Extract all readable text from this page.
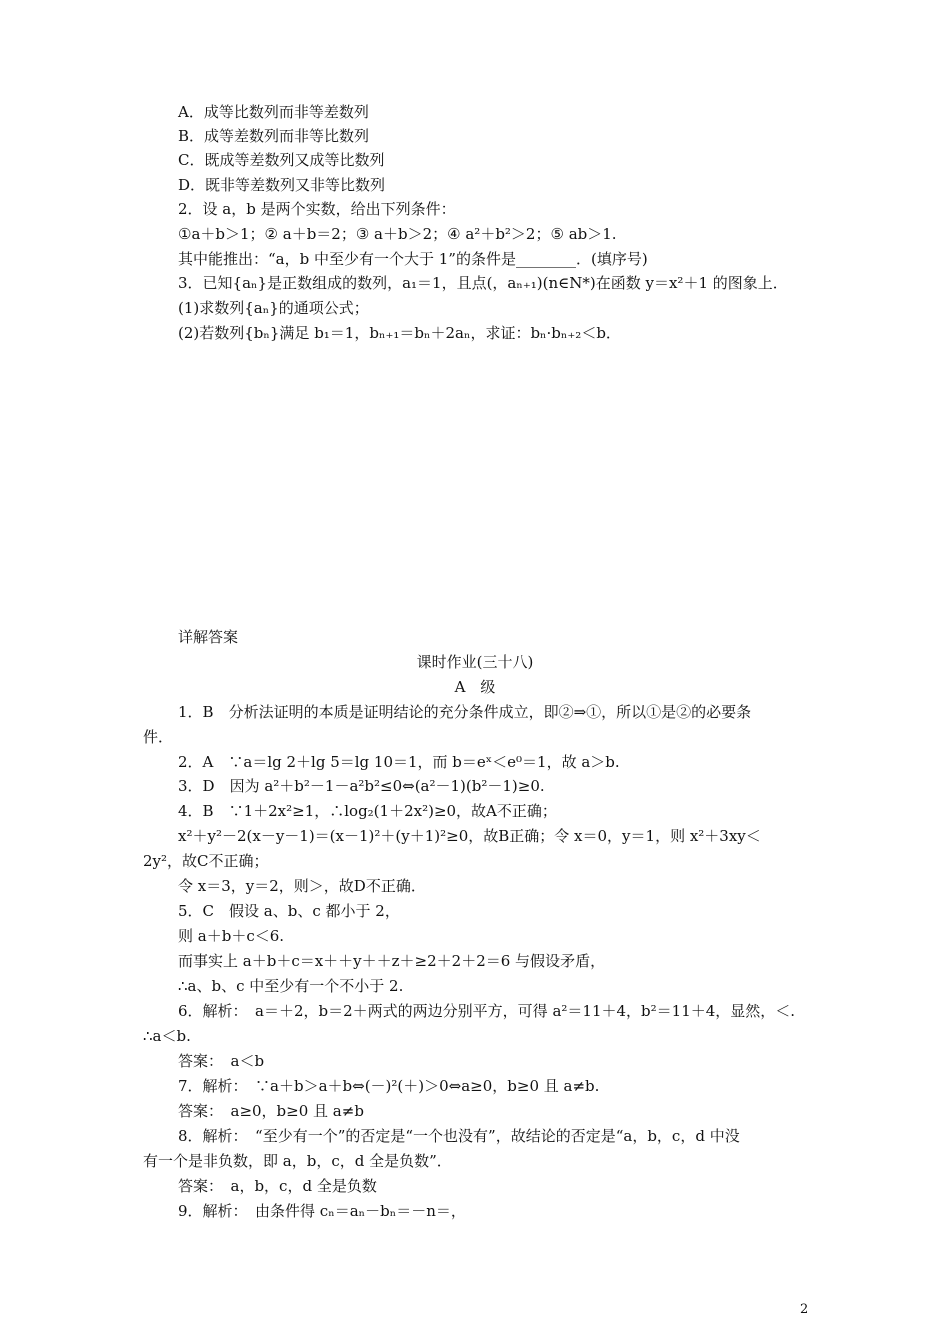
A．成等比数列而非等差数列
B．成等差数列而非等比数列
C．既成等差数列又成等比数列
D．既非等差数列又非等比数列
2．设 a，b 是两个实数，给出下列条件：
①a＋b＞1；② a＋b＝2；③ a＋b＞2；④ a²＋b²＞2；⑤ ab＞1.
其中能推出：“a，b 中至少有一个大于 1”的条件是________．(填序号)
3．已知{aₙ}是正数组成的数列，a₁＝1，且点(，aₙ₊₁)(n∈N*)在函数 y＝x²＋1 的图象上．
(1)求数列{aₙ}的通项公式；
(2)若数列{bₙ}满足 b₁＝1，bₙ₊₁＝bₙ＋2aₙ，求证：bₙ·bₙ₊₂＜b．
详解答案
课时作业(三十八)
A　级
1．B　分析法证明的本质是证明结论的充分条件成立，即②⇒①，所以①是②的必要条
件．
2．A　∵a＝lg 2＋lg 5＝lg 10＝1，而 b＝eˣ＜e⁰＝1，故 a＞b.
3．D　因为 a²＋b²－1－a²b²≤0⇔(a²－1)(b²－1)≥0.
4．B　∵1＋2x²≥1，∴log₂(1＋2x²)≥0，故A不正确；
x²＋y²－2(x－y－1)＝(x－1)²＋(y＋1)²≥0，故B正确；令 x＝0，y＝1，则 x²＋3xy＜
2y²，故C不正确；
令 x＝3，y＝2，则＞，故D不正确．
5．C　假设 a、b、c 都小于 2，
则 a＋b＋c＜6.
而事实上 a＋b＋c＝x＋＋y＋＋z＋≥2＋2＋2＝6 与假设矛盾，
∴a、b、c 中至少有一个不小于 2.
6．解析：　a＝＋2，b＝2＋两式的两边分别平方，可得 a²＝11＋4，b²＝11＋4，显然，＜.
∴a＜b.
答案：　a＜b
7．解析：　∵a＋b＞a＋b⇔(－)²(＋)＞0⇔a≥0，b≥0 且 a≠b.
答案：　a≥0，b≥0 且 a≠b
8．解析：　“至少有一个”的否定是“一个也没有”，故结论的否定是“a，b，c，d 中没
有一个是非负数，即 a，b，c，d 全是负数”．
答案：　a，b，c，d 全是负数
9．解析：　由条件得 cₙ＝aₙ－bₙ＝－n＝，
2
